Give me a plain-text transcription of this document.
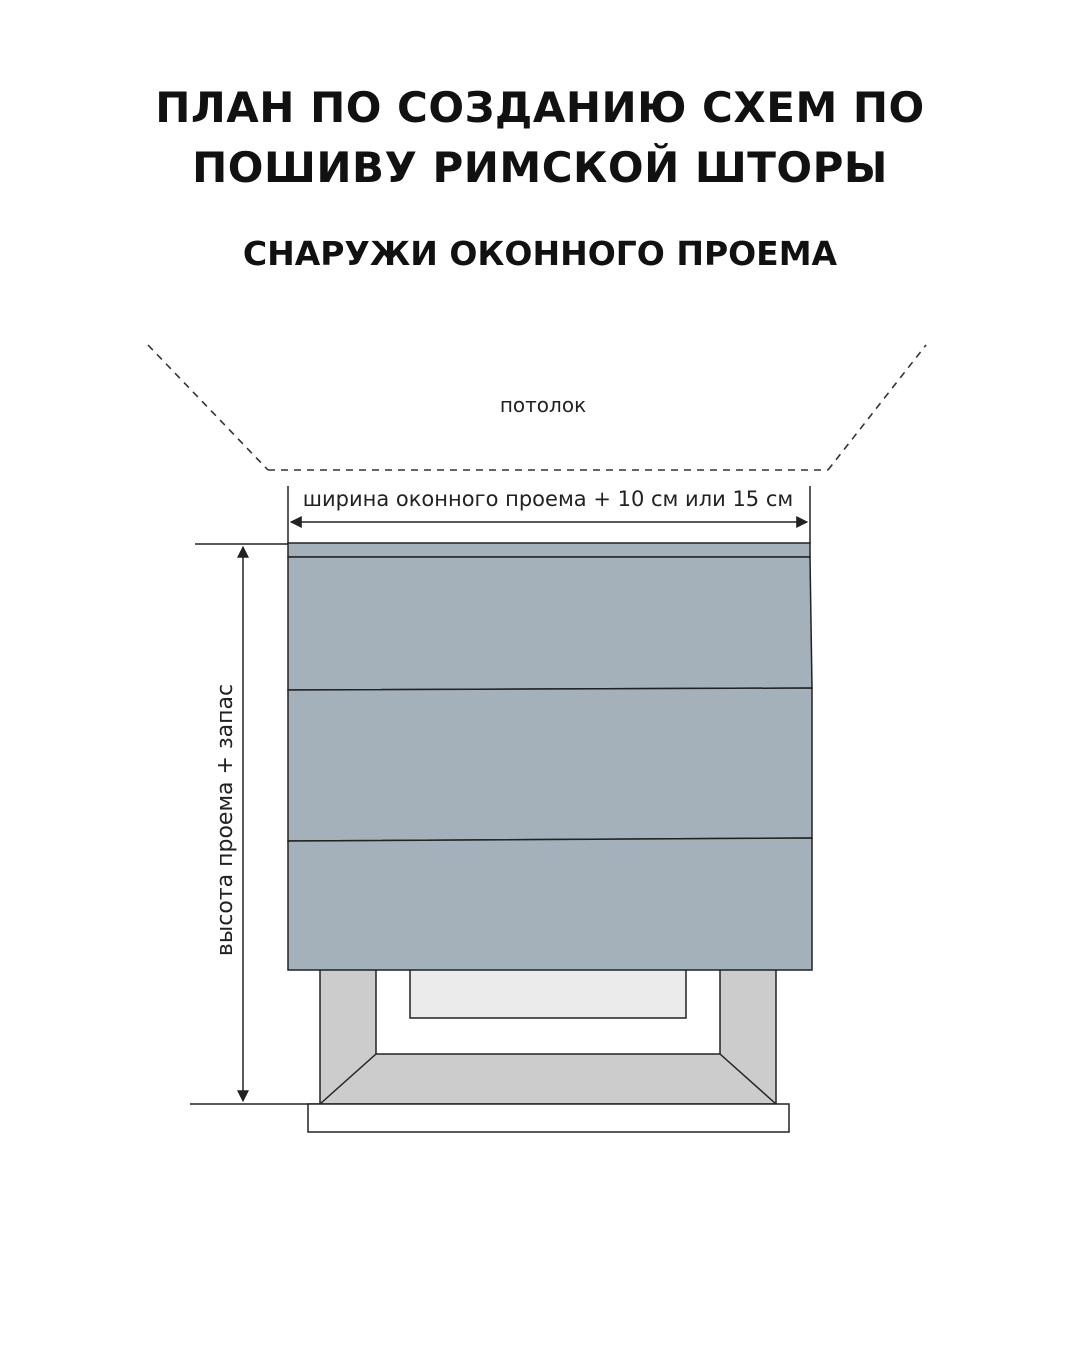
ПЛАН ПО СОЗДАНИЮ СХЕМ ПО
ПОШИВУ РИМСКОЙ ШТОРЫ
СНАРУЖИ ОКОННОГО ПРОЕМА
потолок
ширина оконного проема + 10 см или 15 см
высота проема + запас
